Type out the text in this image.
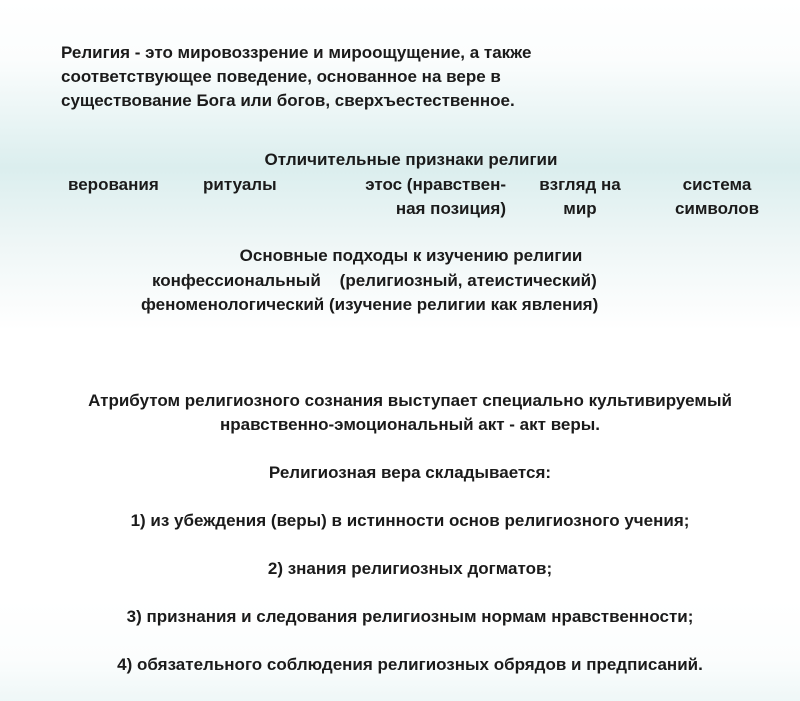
Религия - это мировоззрение и мироощущение, а также
соответствующее поведение, основанное на вере в
существование Бога или богов, сверхъестественное.
Отличительные признаки религии
верования	ритуалы	этос (нравствен-
ная позиция)
взгляд на
мир
система
символов
Основные подходы к изучению религии
конфессиональный    (религиозный, атеистический)
феноменологический (изучение религии как явления)

Атрибутом религиозного сознания выступает специально культивируемый нравственно-эмоциональный акт - акт веры.

Религиозная вера складывается:

1) из убеждения (веры) в истинности основ религиозного учения;

2) знания религиозных догматов;

3) признания и следования религиозным нормам нравственности;

4) обязательного соблюдения религиозных обрядов и предписаний.
